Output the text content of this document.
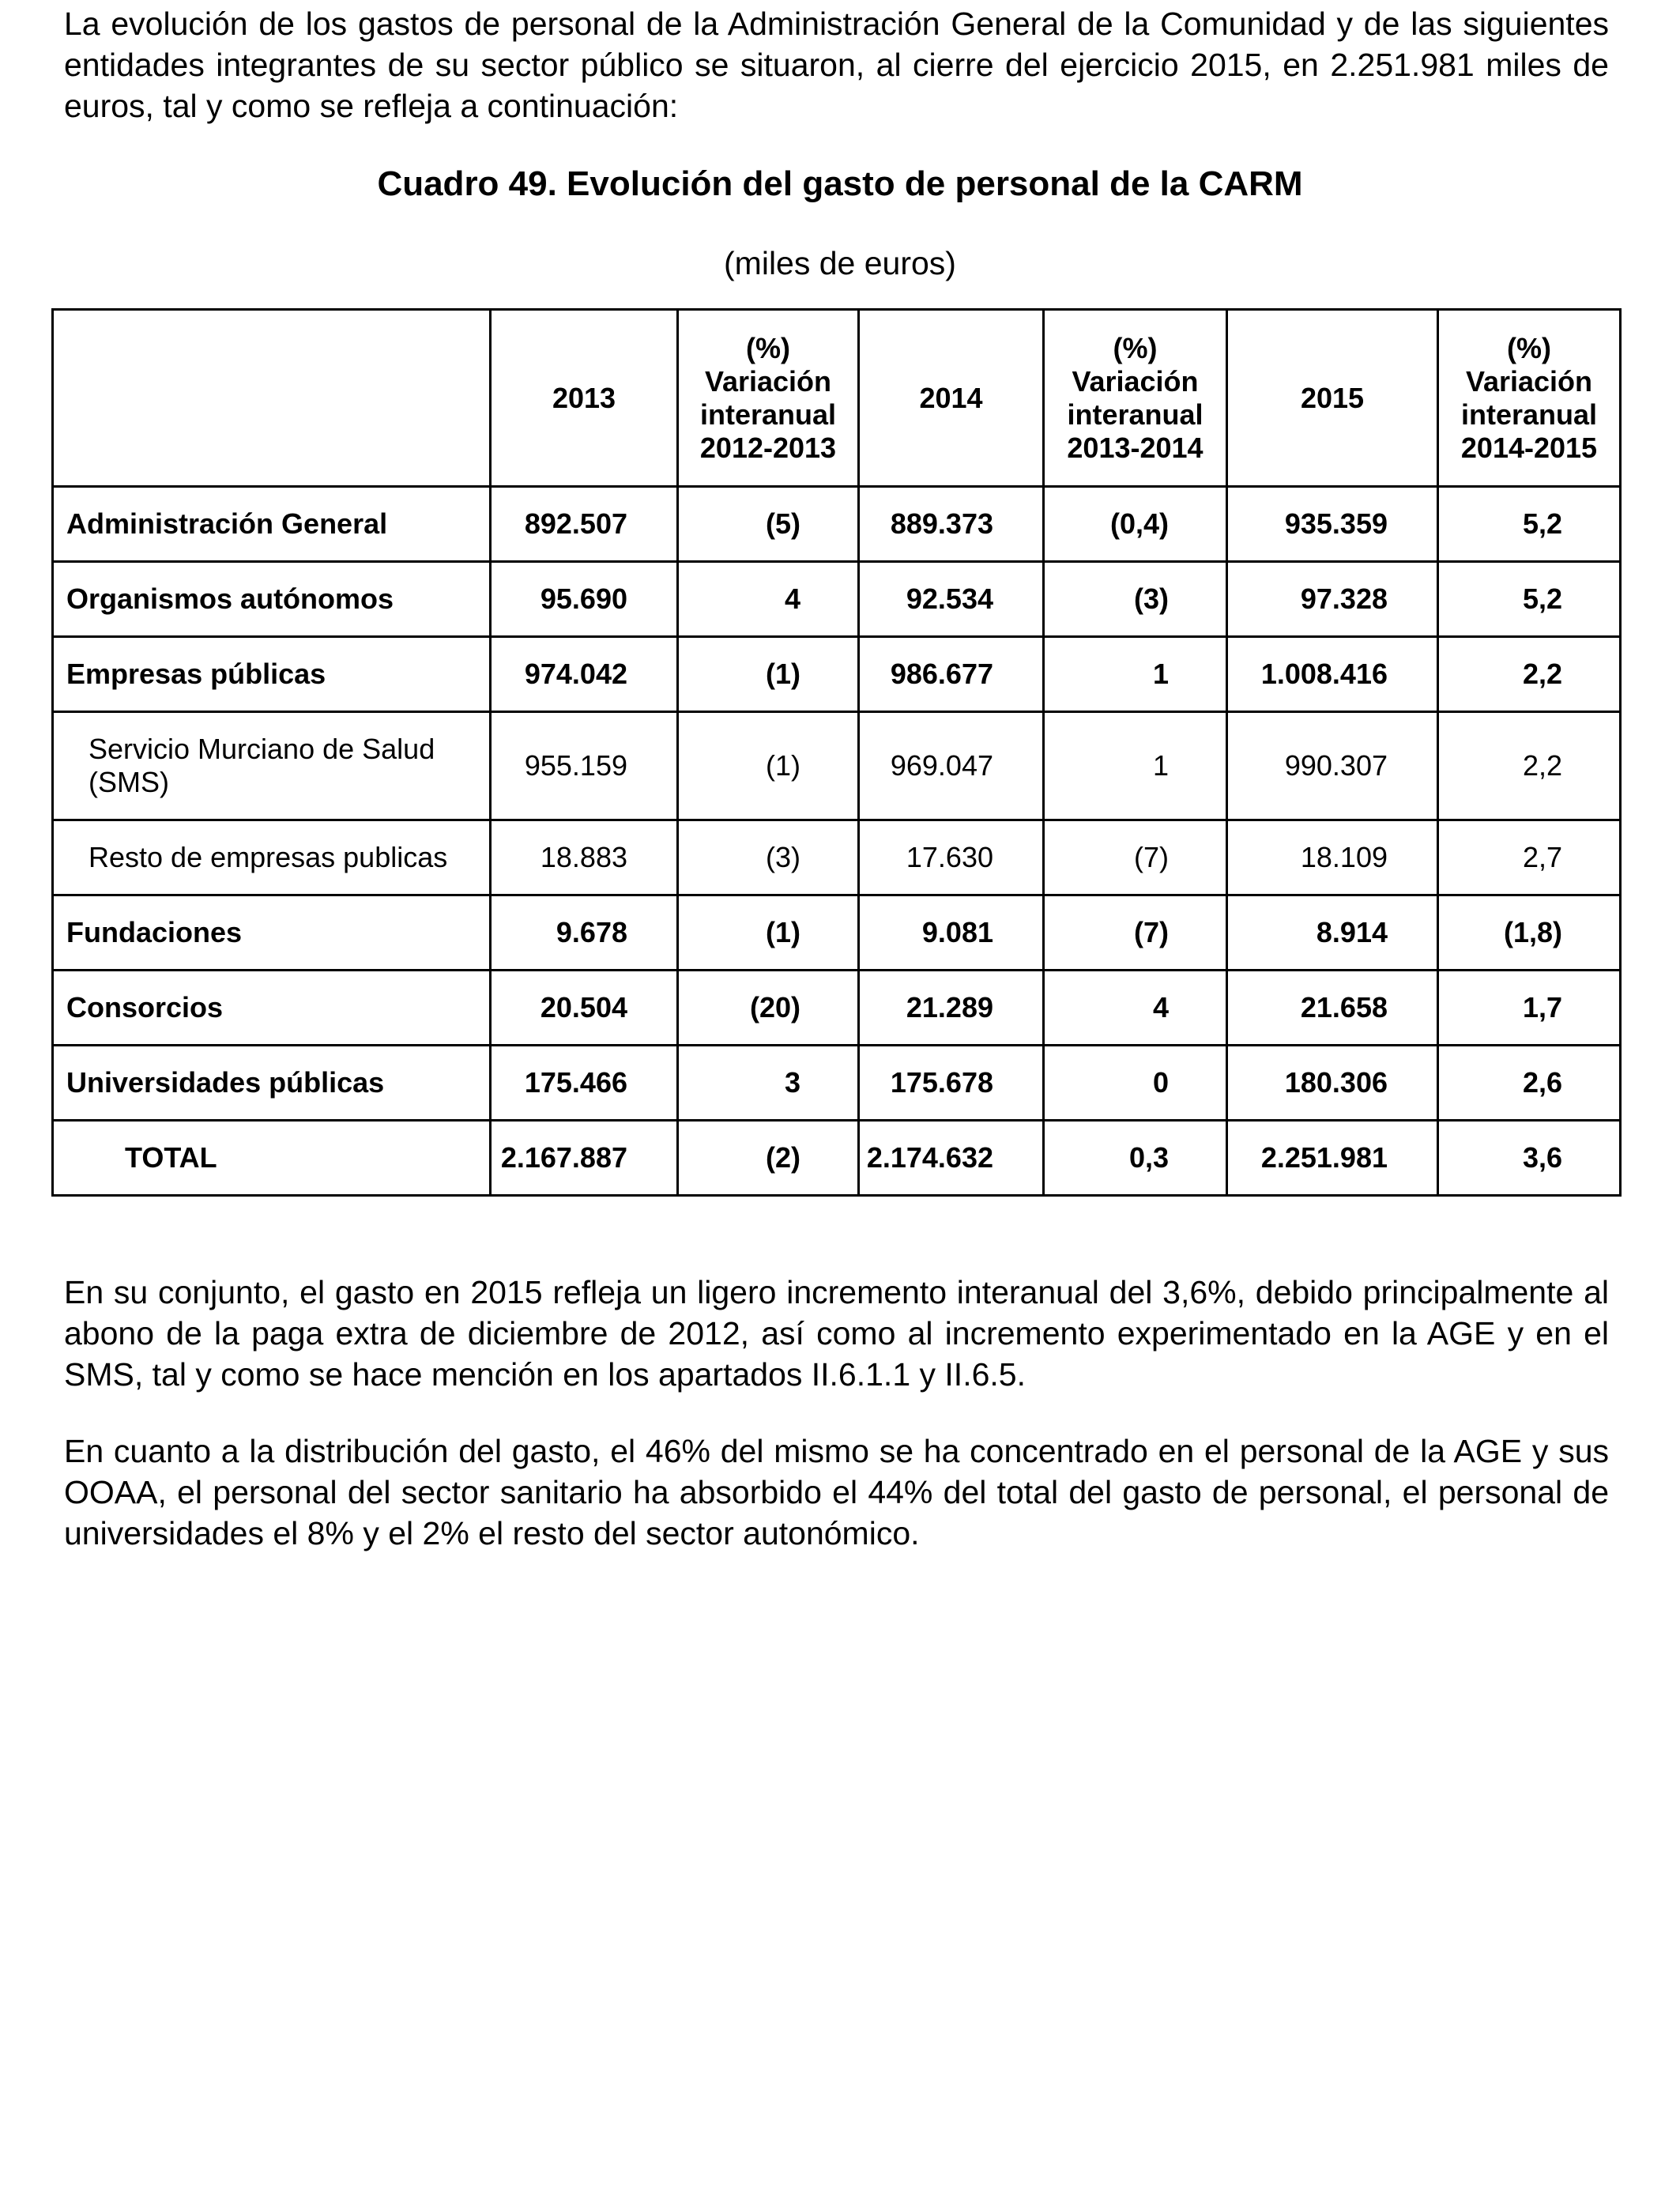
La evolución de los gastos de personal de la Administración General de la Comunidad y de las siguientes entidades integrantes de su sector público se situaron, al cierre del ejercicio 2015, en 2.251.981 miles de euros, tal y como se refleja a continuación:

Cuadro 49. Evolución del gasto de personal de la CARM

(miles de euros)

	2013	(%)
Variación
interanual
2012-2013	2014	(%)
Variación
interanual
2013-2014	2015	(%)
Variación
interanual
2014-2015
Administración General	892.507	(5)	889.373	(0,4)	935.359	5,2
Organismos autónomos	95.690	4	92.534	(3)	97.328	5,2
Empresas públicas	974.042	(1)	986.677	1	1.008.416	2,2
Servicio Murciano de Salud (SMS)	955.159	(1)	969.047	1	990.307	2,2
Resto de empresas publicas	18.883	(3)	17.630	(7)	18.109	2,7
Fundaciones	9.678	(1)	9.081	(7)	8.914	(1,8)
Consorcios	20.504	(20)	21.289	4	21.658	1,7
Universidades públicas	175.466	3	175.678	0	180.306	2,6
TOTAL	2.167.887	(2)	2.174.632	0,3	2.251.981	3,6

En su conjunto, el gasto en 2015 refleja un ligero incremento interanual del 3,6%, debido principalmente al abono de la paga extra de diciembre de 2012, así como al incremento experimentado en la AGE y en el SMS, tal y como se hace mención en los apartados II.6.1.1 y II.6.5.

En cuanto a la distribución del gasto, el 46% del mismo se ha concentrado en el personal de la AGE y sus OOAA, el personal del sector sanitario ha absorbido el 44% del total del gasto de personal, el personal de universidades el 8% y el 2% el resto del sector autonómico.
